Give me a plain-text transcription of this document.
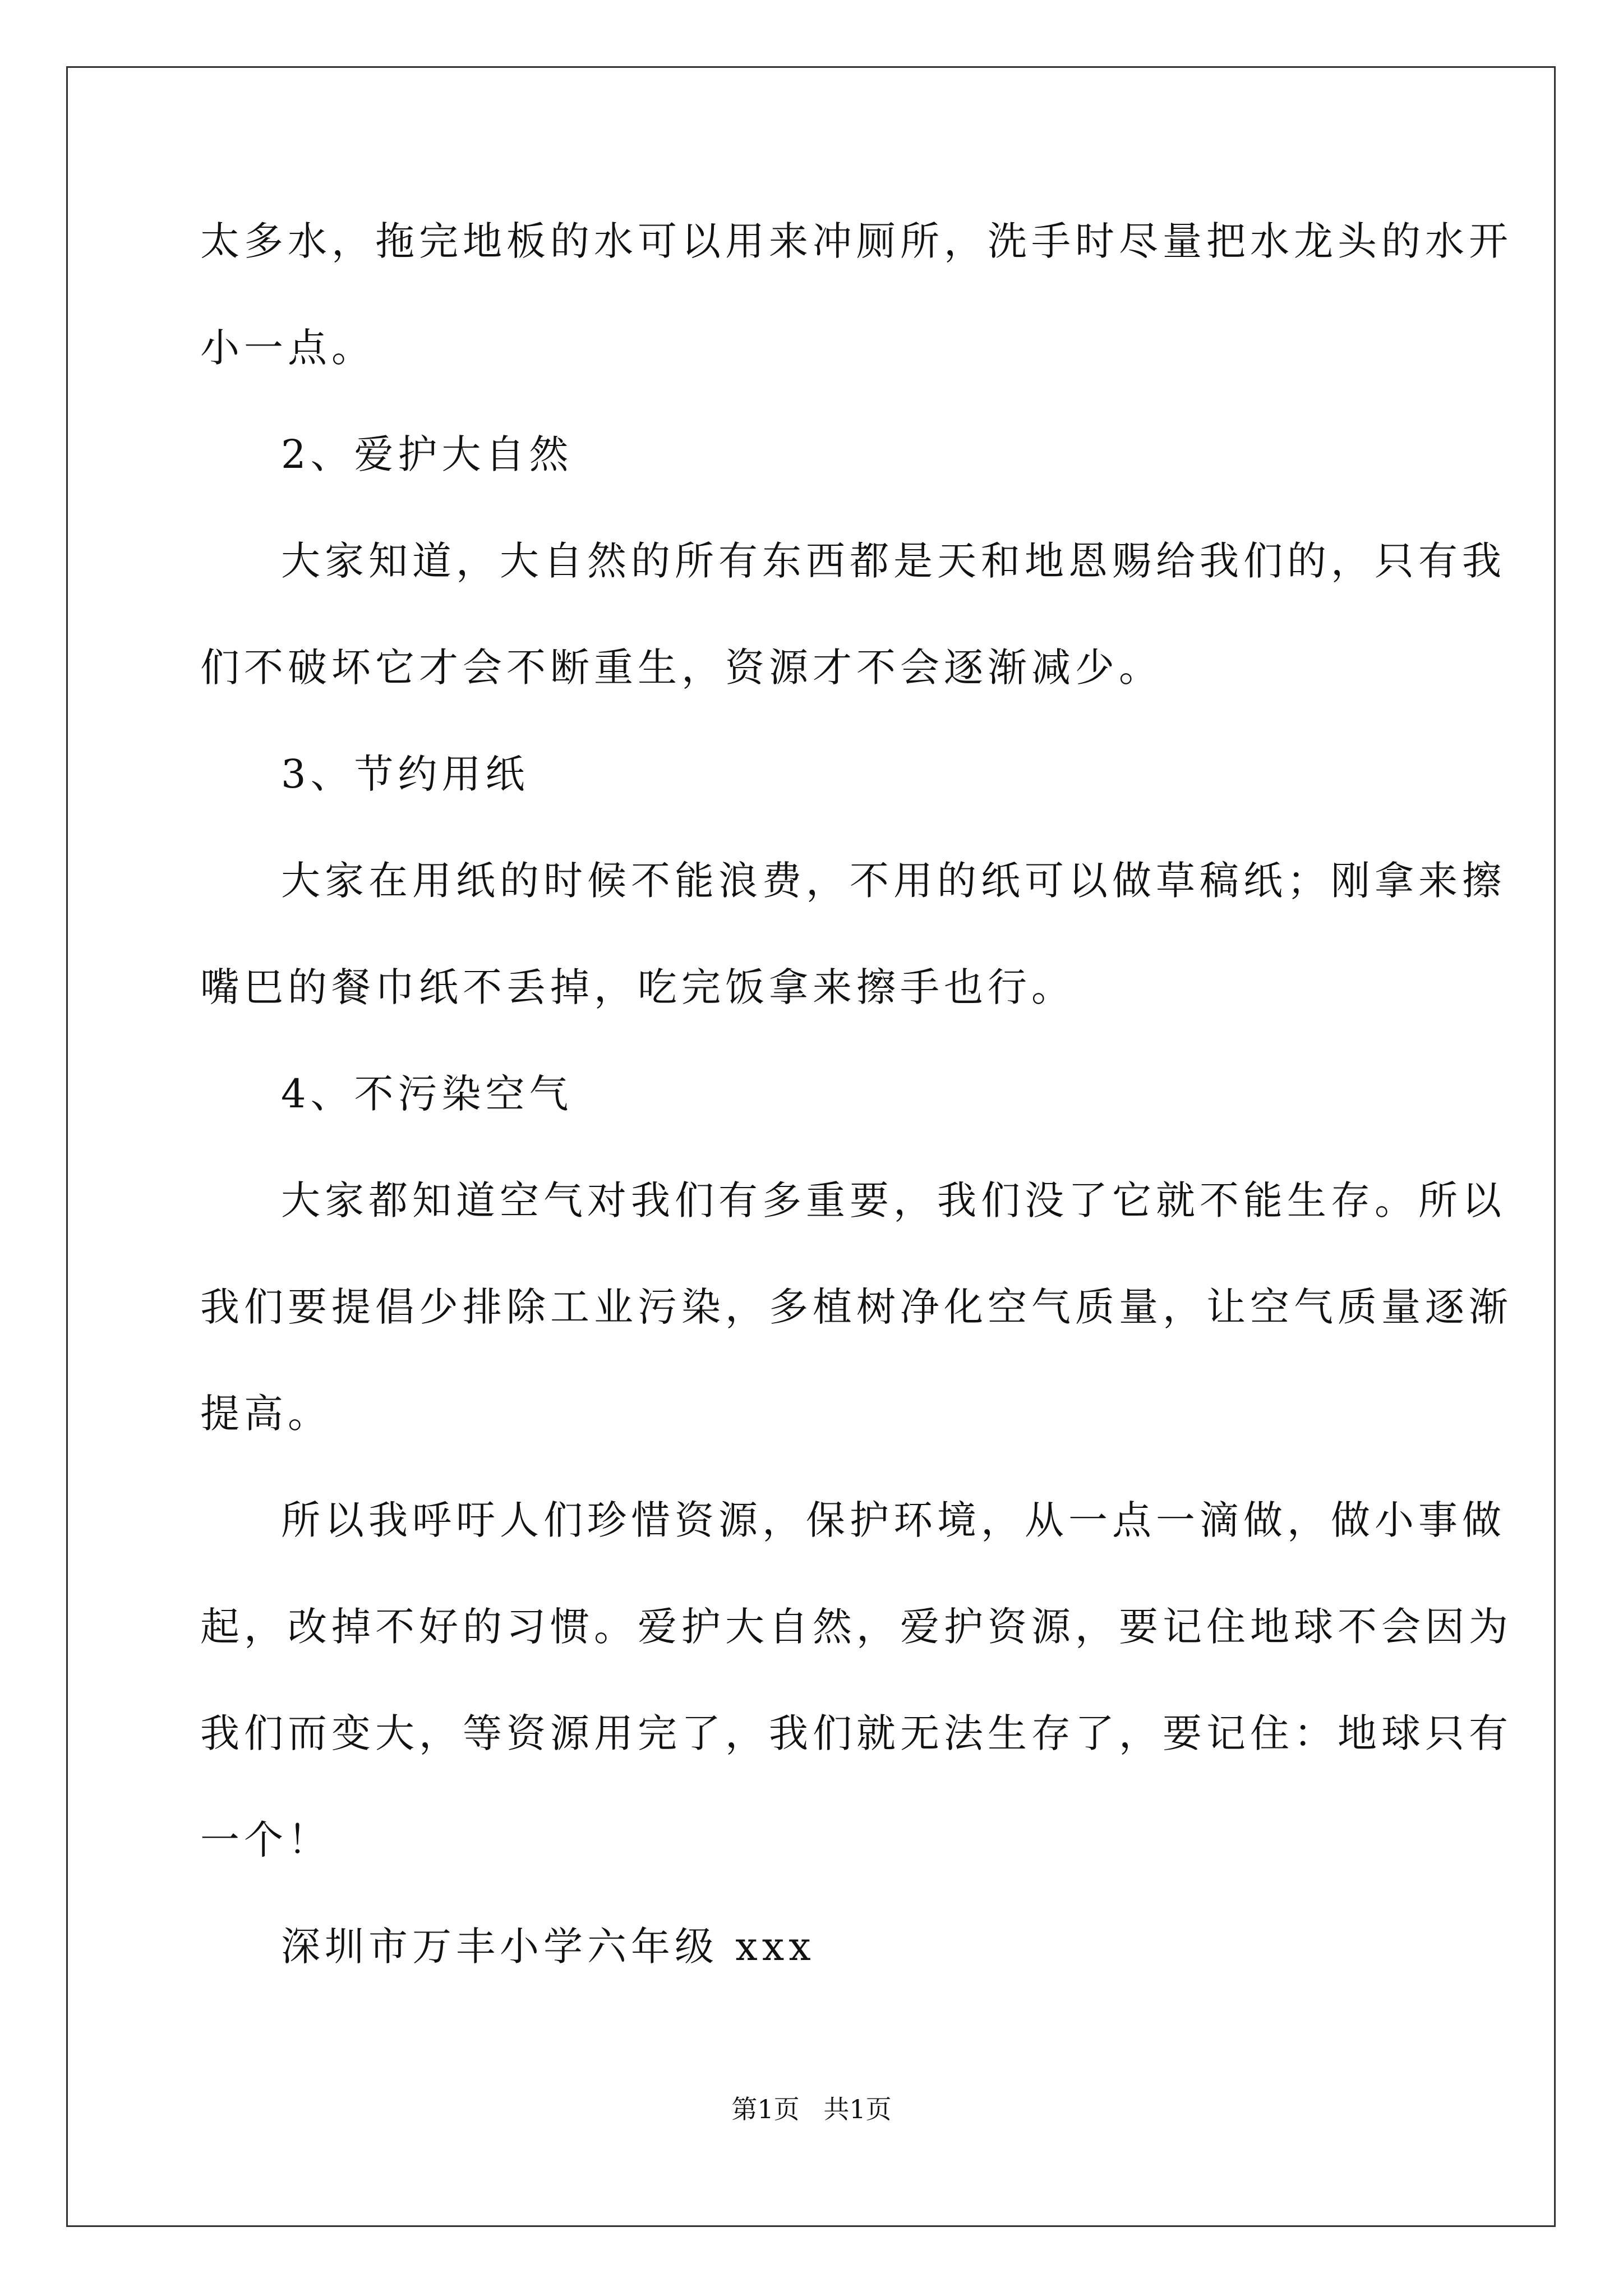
太多水，拖完地板的水可以用来冲厕所，洗手时尽量把水龙头的水开
小一点。
2、爱护大自然
大家知道，大自然的所有东西都是天和地恩赐给我们的，只有我
们不破坏它才会不断重生，资源才不会逐渐减少。
3、节约用纸
大家在用纸的时候不能浪费，不用的纸可以做草稿纸；刚拿来擦
嘴巴的餐巾纸不丢掉，吃完饭拿来擦手也行。
4、不污染空气
大家都知道空气对我们有多重要，我们没了它就不能生存。所以
我们要提倡少排除工业污染，多植树净化空气质量，让空气质量逐渐
提高。
所以我呼吁人们珍惜资源，保护环境，从一点一滴做，做小事做
起，改掉不好的习惯。爱护大自然，爱护资源，要记住地球不会因为
我们而变大，等资源用完了，我们就无法生存了，要记住：地球只有
一个！
深圳市万丰小学六年级 xxx
第1页 共1页
